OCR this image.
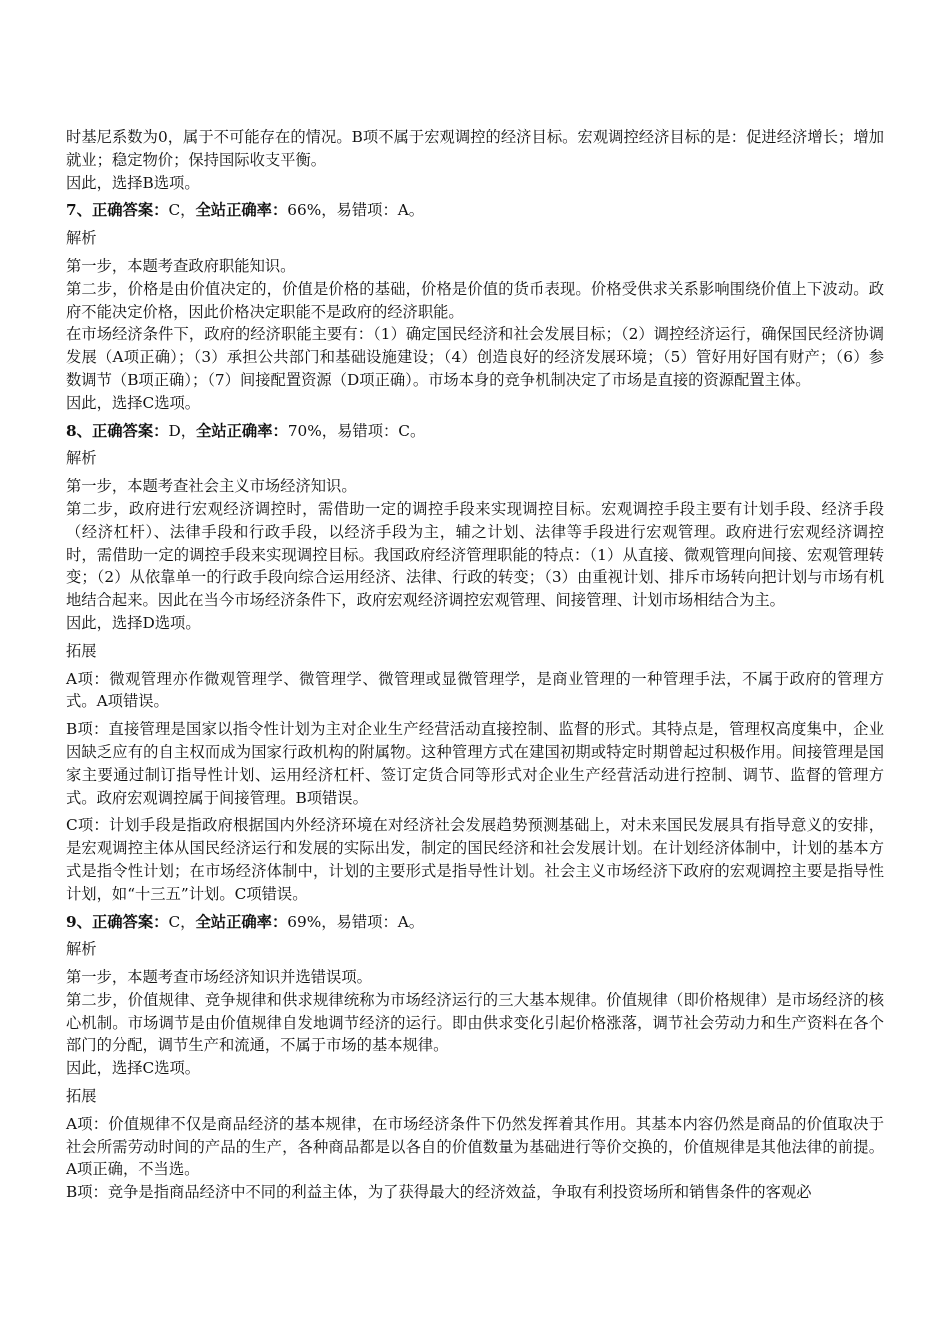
时基尼系数为0，属于不可能存在的情况。B项不属于宏观调控的经济目标。宏观调控经济目标的是：促进经济增长；增加就业；稳定物价；保持国际收支平衡。

因此，选择B选项。

7、正确答案：C，全站正确率：66%，易错项：A。

解析

第一步，本题考查政府职能知识。

第二步，价格是由价值决定的，价值是价格的基础，价格是价值的货币表现。价格受供求关系影响围绕价值上下波动。政府不能决定价格，因此价格决定职能不是政府的经济职能。

在市场经济条件下，政府的经济职能主要有：（1）确定国民经济和社会发展目标；（2）调控经济运行，确保国民经济协调发展（A项正确）；（3）承担公共部门和基础设施建设；（4）创造良好的经济发展环境；（5）管好用好国有财产；（6）参数调节（B项正确）；（7）间接配置资源（D项正确）。市场本身的竞争机制决定了市场是直接的资源配置主体。

因此，选择C选项。

8、正确答案：D，全站正确率：70%，易错项：C。

解析

第一步，本题考查社会主义市场经济知识。

第二步，政府进行宏观经济调控时，需借助一定的调控手段来实现调控目标。宏观调控手段主要有计划手段、经济手段（经济杠杆）、法律手段和行政手段，以经济手段为主，辅之计划、法律等手段进行宏观管理。政府进行宏观经济调控时，需借助一定的调控手段来实现调控目标。我国政府经济管理职能的特点：（1）从直接、微观管理向间接、宏观管理转变；（2）从依靠单一的行政手段向综合运用经济、法律、行政的转变；（3）由重视计划、排斥市场转向把计划与市场有机地结合起来。因此在当今市场经济条件下，政府宏观经济调控宏观管理、间接管理、计划市场相结合为主。

因此，选择D选项。

拓展

A项：微观管理亦作微观管理学、微管理学、微管理或显微管理学，是商业管理的一种管理手法，不属于政府的管理方式。A项错误。

B项：直接管理是国家以指令性计划为主对企业生产经营活动直接控制、监督的形式。其特点是，管理权高度集中，企业因缺乏应有的自主权而成为国家行政机构的附属物。这种管理方式在建国初期或特定时期曾起过积极作用。间接管理是国家主要通过制订指导性计划、运用经济杠杆、签订定货合同等形式对企业生产经营活动进行控制、调节、监督的管理方式。政府宏观调控属于间接管理。B项错误。

C项：计划手段是指政府根据国内外经济环境在对经济社会发展趋势预测基础上，对未来国民发展具有指导意义的安排，是宏观调控主体从国民经济运行和发展的实际出发，制定的国民经济和社会发展计划。在计划经济体制中，计划的基本方式是指令性计划；在市场经济体制中，计划的主要形式是指导性计划。社会主义市场经济下政府的宏观调控主要是指导性计划，如“十三五”计划。C项错误。

9、正确答案：C，全站正确率：69%，易错项：A。

解析

第一步，本题考查市场经济知识并选错误项。

第二步，价值规律、竞争规律和供求规律统称为市场经济运行的三大基本规律。价值规律（即价格规律）是市场经济的核心机制。市场调节是由价值规律自发地调节经济的运行。即由供求变化引起价格涨落，调节社会劳动力和生产资料在各个部门的分配，调节生产和流通，不属于市场的基本规律。

因此，选择C选项。

拓展

A项：价值规律不仅是商品经济的基本规律，在市场经济条件下仍然发挥着其作用。其基本内容仍然是商品的价值取决于社会所需劳动时间的产品的生产，各种商品都是以各自的价值数量为基础进行等价交换的，价值规律是其他法律的前提。A项正确，不当选。

B项：竞争是指商品经济中不同的利益主体，为了获得最大的经济效益，争取有利投资场所和销售条件的客观必
